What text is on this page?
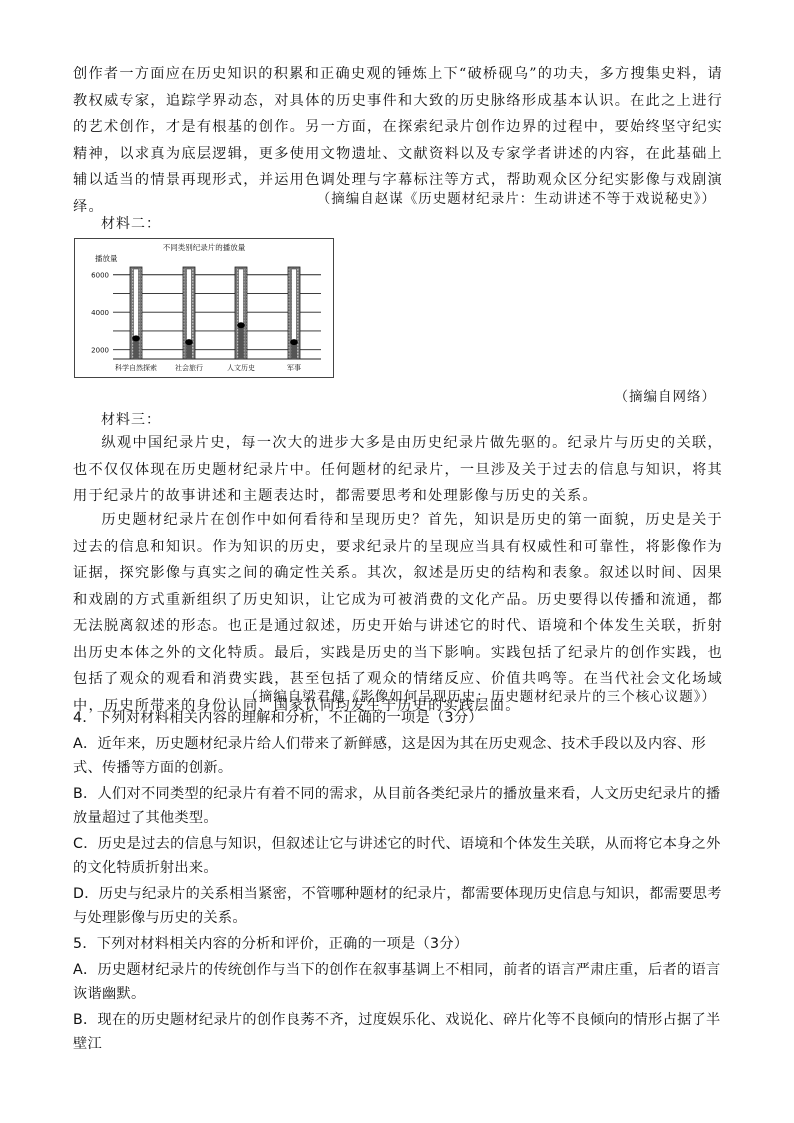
创作者一方面应在历史知识的积累和正确史观的锤炼上下“破桥砚乌”的功夫，多方搜集史料，请教权威专家，追踪学界动态，对具体的历史事件和大致的历史脉络形成基本认识。在此之上进行的艺术创作，才是有根基的创作。另一方面，在探索纪录片创作边界的过程中，要始终坚守纪实精神，以求真为底层逻辑，更多使用文物遗址、文献资料以及专家学者讲述的内容，在此基础上辅以适当的情景再现形式，并运用色调处理与字幕标注等方式，帮助观众区分纪实影像与戏剧演绎。	（摘编自赵谋《历史题材纪录片：生动讲述不等于戏说秘史》）

材料二：

不同类别纪录片的播放量
播放量
6000
4000
2000
科学自然探索	社会旅行	人文历史	军事

（摘编自网络）

材料三：

纵观中国纪录片史，每一次大的进步大多是由历史纪录片做先驱的。纪录片与历史的关联，也不仅仅体现在历史题材纪录片中。任何题材的纪录片，一旦涉及关于过去的信息与知识，将其用于纪录片的故事讲述和主题表达时，都需要思考和处理影像与历史的关系。

历史题材纪录片在创作中如何看待和呈现历史？首先，知识是历史的第一面貌，历史是关于过去的信息和知识。作为知识的历史，要求纪录片的呈现应当具有权威性和可靠性，将影像作为证据，探究影像与真实之间的确定性关系。其次，叙述是历史的结构和表象。叙述以时间、因果和戏剧的方式重新组织了历史知识，让它成为可被消费的文化产品。历史要得以传播和流通，都无法脱离叙述的形态。也正是通过叙述，历史开始与讲述它的时代、语境和个体发生关联，折射出历史本体之外的文化特质。最后，实践是历史的当下影响。实践包括了纪录片的创作实践，也包括了观众的观看和消费实践，甚至包括了观众的情绪反应、价值共鸣等。在当代社会文化场域中，历史所带来的身份认同、国家认同均发生于历史的实践层面。

（摘编自梁君健《影像如何呈现历史：历史题材纪录片的三个核心议题》）

4．下列对材料相关内容的理解和分析，不正确的一项是（3分）

A．近年来，历史题材纪录片给人们带来了新鲜感，这是因为其在历史观念、技术手段以及内容、形式、传播等方面的创新。

B．人们对不同类型的纪录片有着不同的需求，从目前各类纪录片的播放量来看，人文历史纪录片的播放量超过了其他类型。

C．历史是过去的信息与知识，但叙述让它与讲述它的时代、语境和个体发生关联，从而将它本身之外的文化特质折射出来。

D．历史与纪录片的关系相当紧密，不管哪种题材的纪录片，都需要体现历史信息与知识，都需要思考与处理影像与历史的关系。

5．下列对材料相关内容的分析和评价，正确的一项是（3分）

A．历史题材纪录片的传统创作与当下的创作在叙事基调上不相同，前者的语言严肃庄重，后者的语言诙谐幽默。

B．现在的历史题材纪录片的创作良莠不齐，过度娱乐化、戏说化、碎片化等不良倾向的情形占据了半壁江
